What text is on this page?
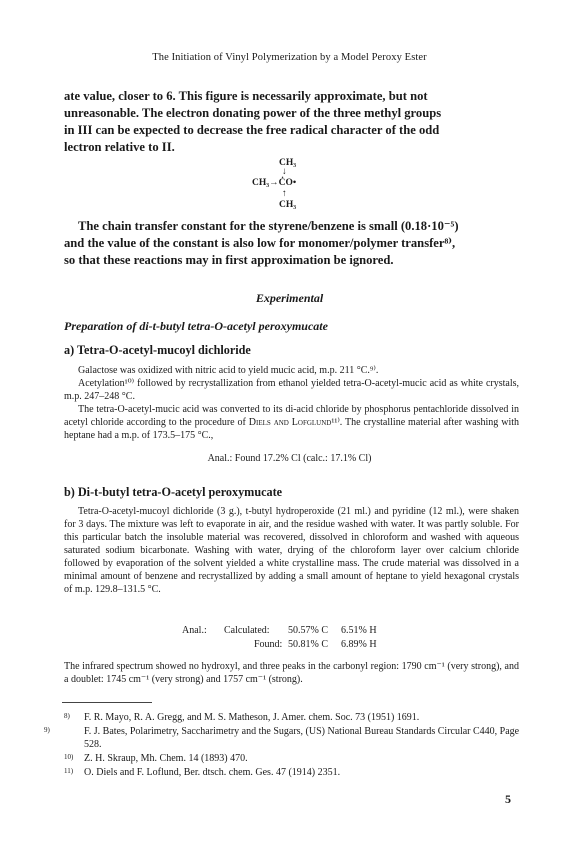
The Initiation of Vinyl Polymerization by a Model Peroxy Ester

ate value, closer to 6. This figure is necessarily approximate, but not

unreasonable. The electron donating power of the three methyl groups

in III can be expected to decrease the free radical character of the odd

lectron relative to II.

CH₃
↓
CH₃→ĊO•
↑
CH₃

The chain transfer constant for the styrene/benzene is small (0.18·10⁻⁵)

and the value of the constant is also low for monomer/polymer transfer⁸⁾,

so that these reactions may in first approximation be ignored.

Experimental
Preparation of di-t-butyl tetra-O-acetyl peroxymucate
a) Tetra-O-acetyl-mucoyl dichloride

Galactose was oxidized with nitric acid to yield mucic acid, m.p. 211 °C.⁹⁾.

Acetylation¹⁰⁾ followed by recrystallization from ethanol yielded tetra-O-acetyl-mucic acid as white crystals, m.p. 247–248 °C.

The tetra-O-acetyl-mucic acid was converted to its di-acid chloride by phosphorus pentachloride dissolved in acetyl chloride according to the procedure of Diels and Lofglund¹¹⁾. The crystalline material after washing with heptane had a m.p. of 173.5–175 °C.,

Anal.: Found 17.2% Cl (calc.: 17.1% Cl)
b) Di-t-butyl tetra-O-acetyl peroxymucate

Tetra-O-acetyl-mucoyl dichloride (3 g.), t-butyl hydroperoxide (21 ml.) and pyridine (12 ml.), were shaken for 3 days. The mixture was left to evaporate in air, and the residue washed with water. It was partly soluble. For this particular batch the insoluble material was recovered, dissolved in chloroform and washed with aqueous saturated sodium bicarbonate. Washing with water, drying of the chloroform layer over calcium chloride followed by evaporation of the solvent yielded a white crystalline mass. The crude material was dissolved in a minimal amount of benzene and recrystallized by adding a small amount of heptane to yield hexagonal crystals of m.p. 129.8–131.5 °C.

Anal.: Calculated: 50.57% C 6.51% H
Found: 50.81% C 6.89% H

The infrared spectrum showed no hydroxyl, and three peaks in the carbonyl region: 1790 cm⁻¹ (very strong), and a doublet: 1745 cm⁻¹ (very strong) and 1757 cm⁻¹ (strong).

8) F. R. Mayo, R. A. Gregg, and M. S. Matheson, J. Amer. chem. Soc. 73 (1951) 1691.
9)	F. J. Bates, Polarimetry, Saccharimetry and the Sugars, (US) National Bureau Standards Circular C440, Page 528.
10) Z. H. Skraup, Mh. Chem. 14 (1893) 470.
11) O. Diels and F. Loflund, Ber. dtsch. chem. Ges. 47 (1914) 2351.
5
